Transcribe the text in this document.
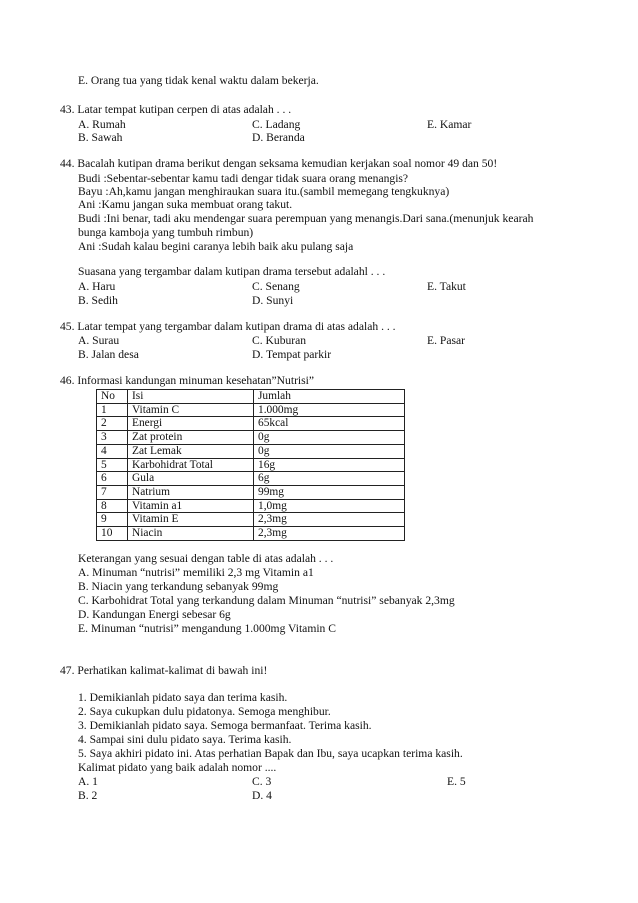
E. Orang tua yang tidak kenal waktu dalam bekerja.
43. Latar tempat kutipan cerpen di atas adalah . . .
A. Rumah
B. Sawah
C. Ladang
D. Beranda
E. Kamar
44. Bacalah kutipan drama berikut dengan seksama kemudian kerjakan soal nomor 49 dan 50!
Budi :Sebentar-sebentar kamu tadi dengar tidak suara orang menangis?
Bayu :Ah,kamu jangan menghiraukan suara itu.(sambil memegang tengkuknya)
Ani :Kamu jangan suka membuat orang takut.
Budi :Ini benar, tadi aku mendengar suara perempuan yang menangis.Dari sana.(menunjuk kearah
bunga kamboja yang tumbuh rimbun)
Ani :Sudah kalau begini caranya lebih baik aku pulang saja
Suasana yang tergambar dalam kutipan drama tersebut adalahl . . .
A. Haru
B. Sedih
C. Senang
D. Sunyi
E. Takut
45. Latar tempat yang tergambar dalam kutipan drama di atas adalah . . .
A. Surau
B. Jalan desa
C. Kuburan
D. Tempat parkir
E. Pasar
46. Informasi kandungan minuman kesehatan”Nutrisi”
No	Isi	Jumlah
1	Vitamin C	1.000mg
2	Energi	65kcal
3	Zat protein	0g
4	Zat Lemak	0g
5	Karbohidrat Total	16g
6	Gula	6g
7	Natrium	99mg
8	Vitamin a1	1,0mg
9	Vitamin E	2,3mg
10	Niacin	2,3mg
Keterangan yang sesuai dengan table di atas adalah . . .
A. Minuman “nutrisi” memiliki 2,3 mg Vitamin a1
B. Niacin yang terkandung sebanyak 99mg
C. Karbohidrat Total yang terkandung dalam Minuman “nutrisi” sebanyak 2,3mg
D. Kandungan Energi sebesar 6g
E. Minuman “nutrisi” mengandung 1.000mg Vitamin C
47. Perhatikan kalimat-kalimat di bawah ini!
1. Demikianlah pidato saya dan terima kasih.
2. Saya cukupkan dulu pidatonya. Semoga menghibur.
3. Demikianlah pidato saya. Semoga bermanfaat. Terima kasih.
4. Sampai sini dulu pidato saya. Terima kasih.
5. Saya akhiri pidato ini. Atas perhatian Bapak dan Ibu, saya ucapkan terima kasih.
Kalimat pidato yang baik adalah nomor ....
A. 1
B. 2
C. 3
D. 4
E. 5
